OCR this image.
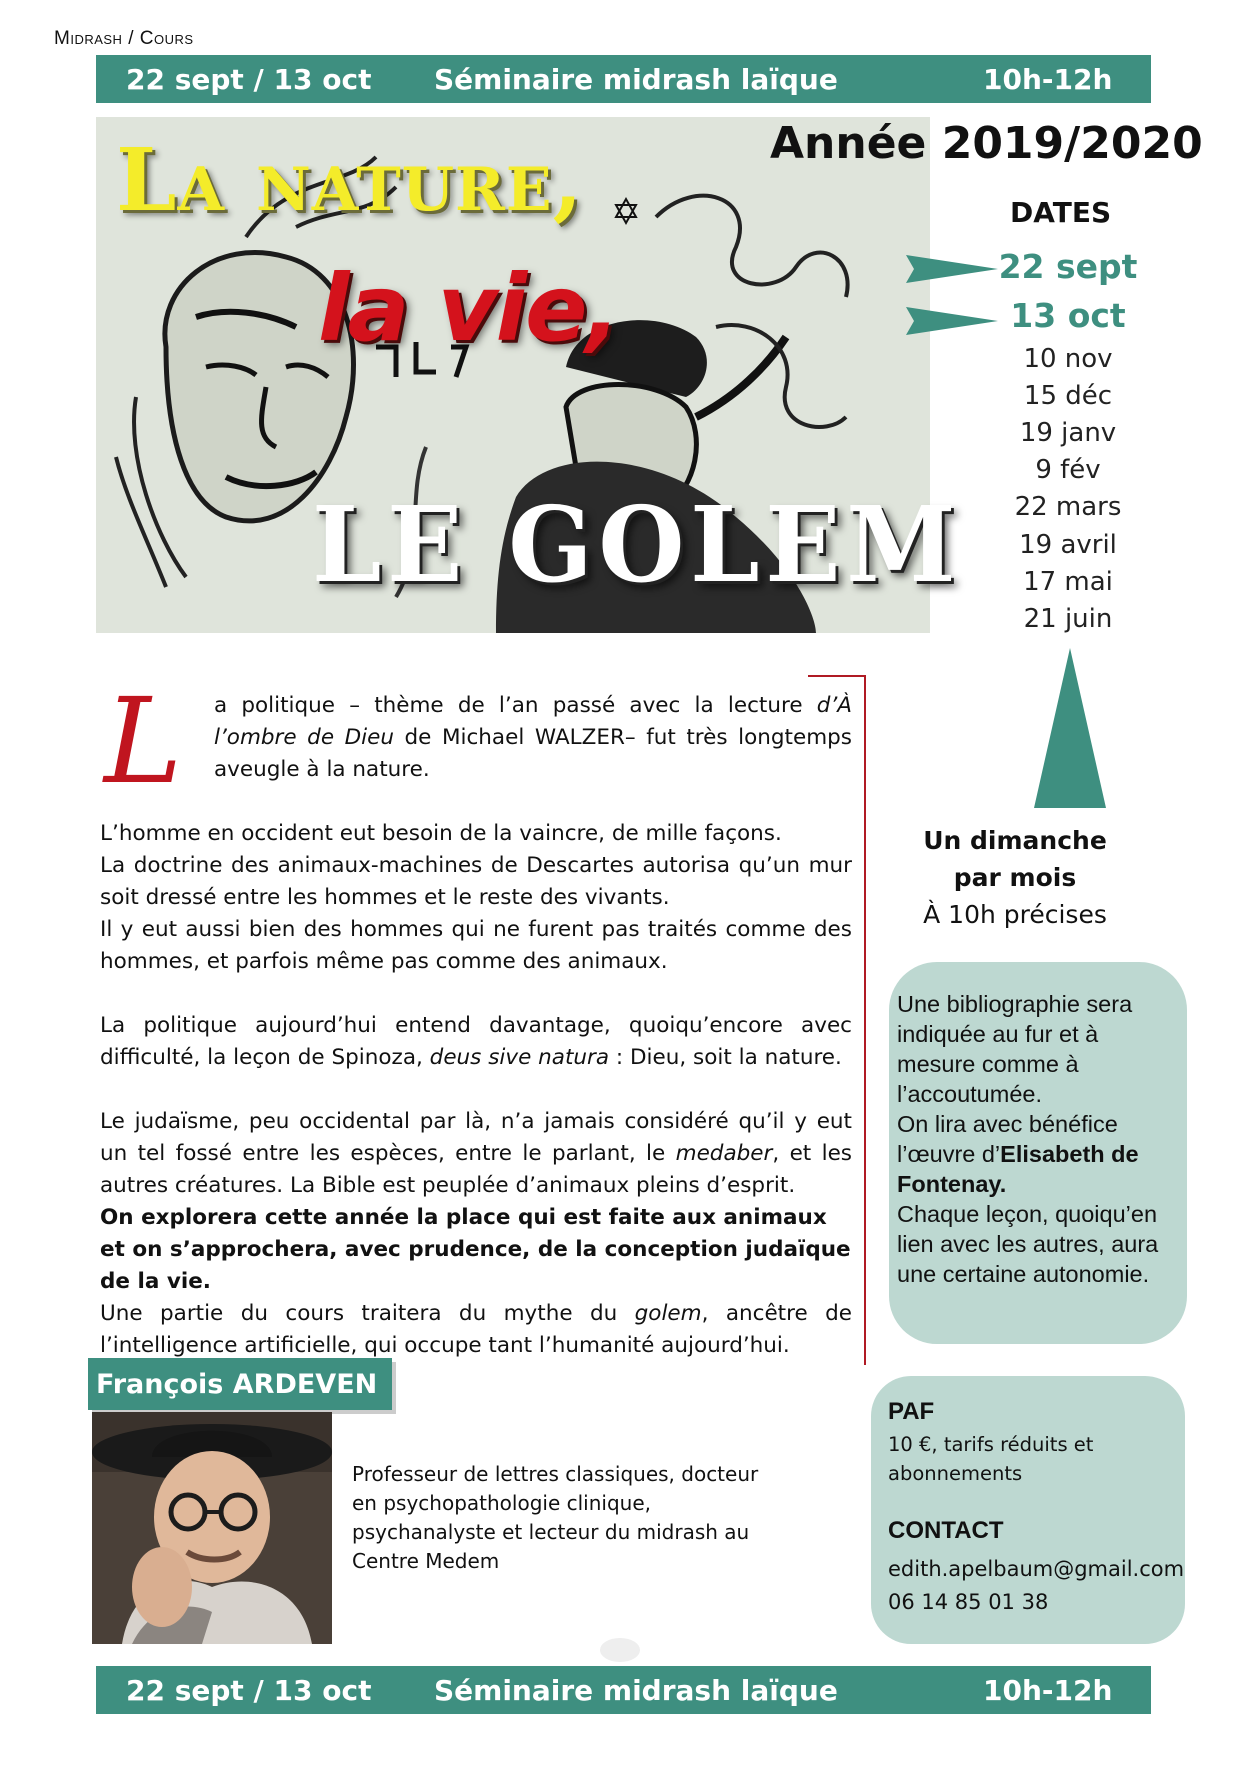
Midrash / Cours
22 sept / 13 oct Séminaire midrash laïque	10h-12h
La nature,
la vie,
LE GOLEM
Année 2019/2020
DATES
22 sept
13 oct
10 nov
15 déc
19 janv
9 fév
22 mars
19 avril
17 mai
21 juin
Un dimanche
par mois
À 10h précises
L a politique – thème de l’an passé avec la lecture d’À l’ombre de Dieu de Michael WALZER– fut très longtemps aveugle à la nature.
L’homme en occident eut besoin de la vaincre, de mille façons.
La doctrine des animaux-machines de Descartes autorisa qu’un mur soit dressé entre les hommes et le reste des vivants.
Il y eut aussi bien des hommes qui ne furent pas traités comme des hommes, et parfois même pas comme des animaux.
La politique aujourd’hui entend davantage, quoiqu’encore avec difficulté, la leçon de Spinoza, deus sive natura : Dieu, soit la nature.
Le judaïsme, peu occidental par là, n’a jamais considéré qu’il y eut un tel fossé entre les espèces, entre le parlant, le medaber, et les autres créatures. La Bible est peuplée d’animaux pleins d’esprit.
On explorera cette année la place qui est faite aux animaux et on s’approchera, avec prudence, de la conception judaïque de la vie.
Une partie du cours traitera du mythe du golem, ancêtre de l’intelligence artificielle, qui occupe tant l’humanité aujourd’hui.
Une bibliographie sera indiquée au fur et à mesure comme à l’accoutumée.
On lira avec bénéfice l’œuvre d’Elisabeth de Fontenay.
Chaque leçon, quoiqu’en lien avec les autres, aura une certaine autonomie.
François ARDEVEN
Professeur de lettres classiques, docteur en psychopathologie clinique, psychanalyste et lecteur du midrash au Centre Medem
PAF
10 €, tarifs réduits et abonnements
CONTACT
edith.apelbaum@gmail.com
06 14 85 01 38
22 sept / 13 oct Séminaire midrash laïque	10h-12h
